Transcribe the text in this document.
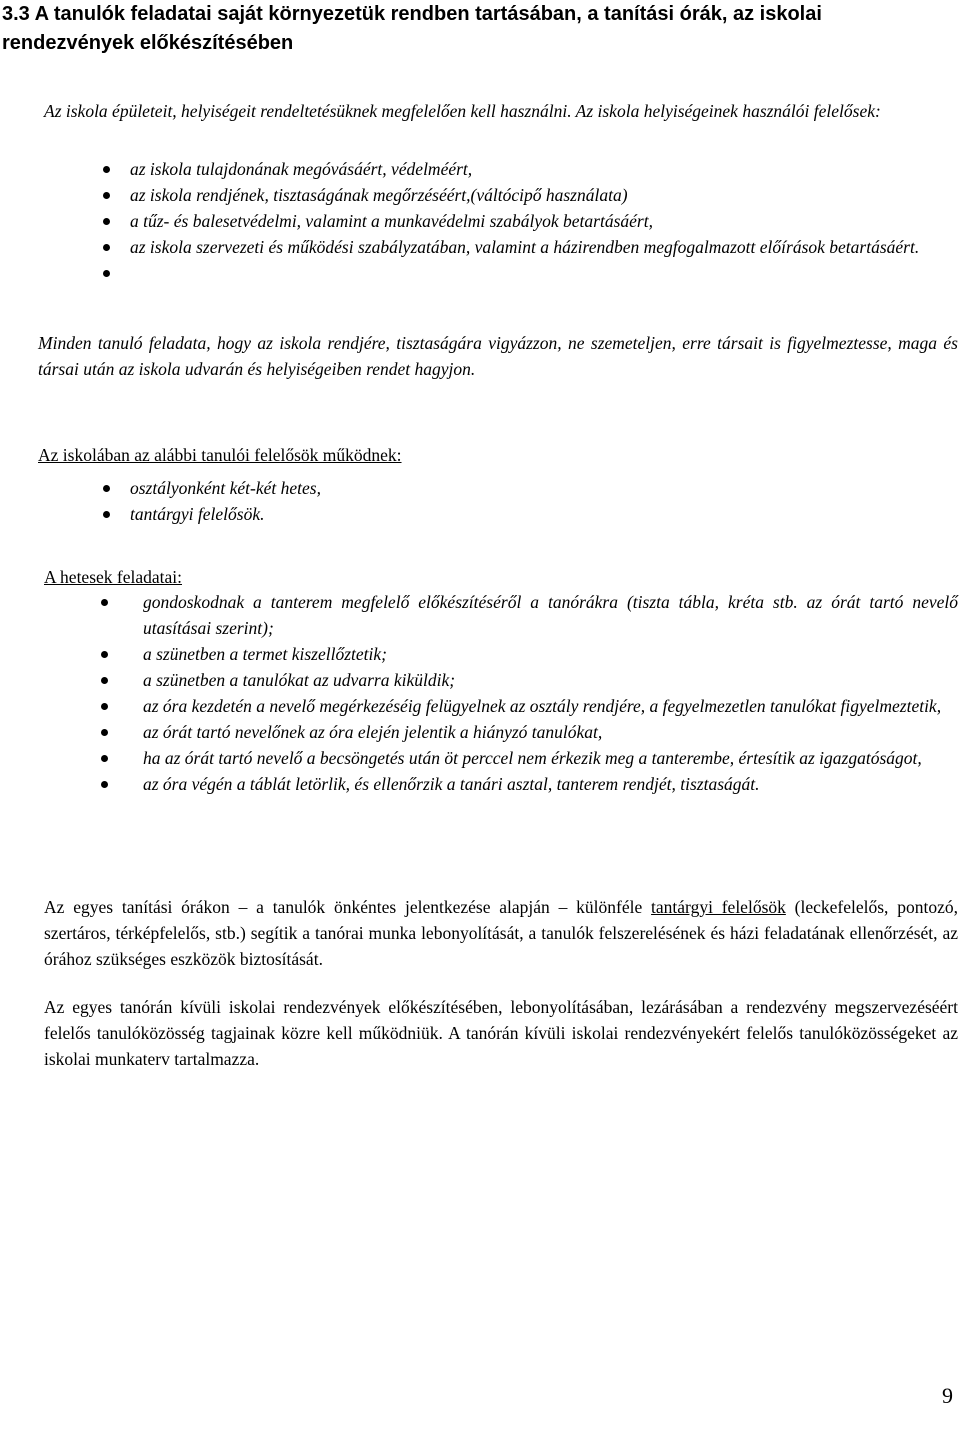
3.3 A tanulók feladatai saját környezetük rendben tartásában, a tanítási órák, az iskolai rendezvények előkészítésében

Az iskola épületeit, helyiségeit rendeltetésüknek megfelelően kell használni. Az iskola helyiségeinek használói felelősek:

az iskola tulajdonának megóvásáért, védelméért,
az iskola rendjének, tisztaságának megőrzéséért,(váltócipő használata)
a tűz- és balesetvédelmi, valamint a munkavédelmi szabályok betartásáért,
az iskola szervezeti és működési szabályzatában, valamint a házirendben megfogalmazott előírások betartásáért.

Minden tanuló feladata, hogy az iskola rendjére, tisztaságára vigyázzon, ne szemeteljen, erre társait is figyelmeztesse, maga és társai után az iskola udvarán és helyiségeiben rendet hagyjon.

Az iskolában az alábbi tanulói felelősök működnek:

osztályonként két-két hetes,
tantárgyi felelősök.

A hetesek feladatai:

gondoskodnak a tanterem megfelelő előkészítéséről a tanórákra (tiszta tábla, kréta stb. az órát tartó nevelő utasításai szerint);
a szünetben a termet kiszellőztetik;
a szünetben a tanulókat az udvarra kiküldik;
az óra kezdetén a nevelő megérkezéséig felügyelnek az osztály rendjére, a fegyelmezetlen tanulókat figyelmeztetik,
az órát tartó nevelőnek az óra elején jelentik a hiányzó tanulókat,
ha az órát tartó nevelő a becsöngetés után öt perccel nem érkezik meg a tanterembe, értesítik az igazgatóságot,
az óra végén a táblát letörlik, és ellenőrzik a tanári asztal, tanterem rendjét, tisztaságát.

Az egyes tanítási órákon – a tanulók önkéntes jelentkezése alapján – különféle tantárgyi felelősök (leckefelelős, pontozó, szertáros, térképfelelős, stb.) segítik a tanórai munka lebonyolítását, a tanulók felszerelésének és házi feladatának ellenőrzését, az órához szükséges eszközök biztosítását.

Az egyes tanórán kívüli iskolai rendezvények előkészítésében, lebonyolításában, lezárásában a rendezvény megszervezéséért felelős tanulóközösség tagjainak közre kell működniük. A tanórán kívüli iskolai rendezvényekért felelős tanulóközösségeket az iskolai munkaterv tartalmazza.

9
